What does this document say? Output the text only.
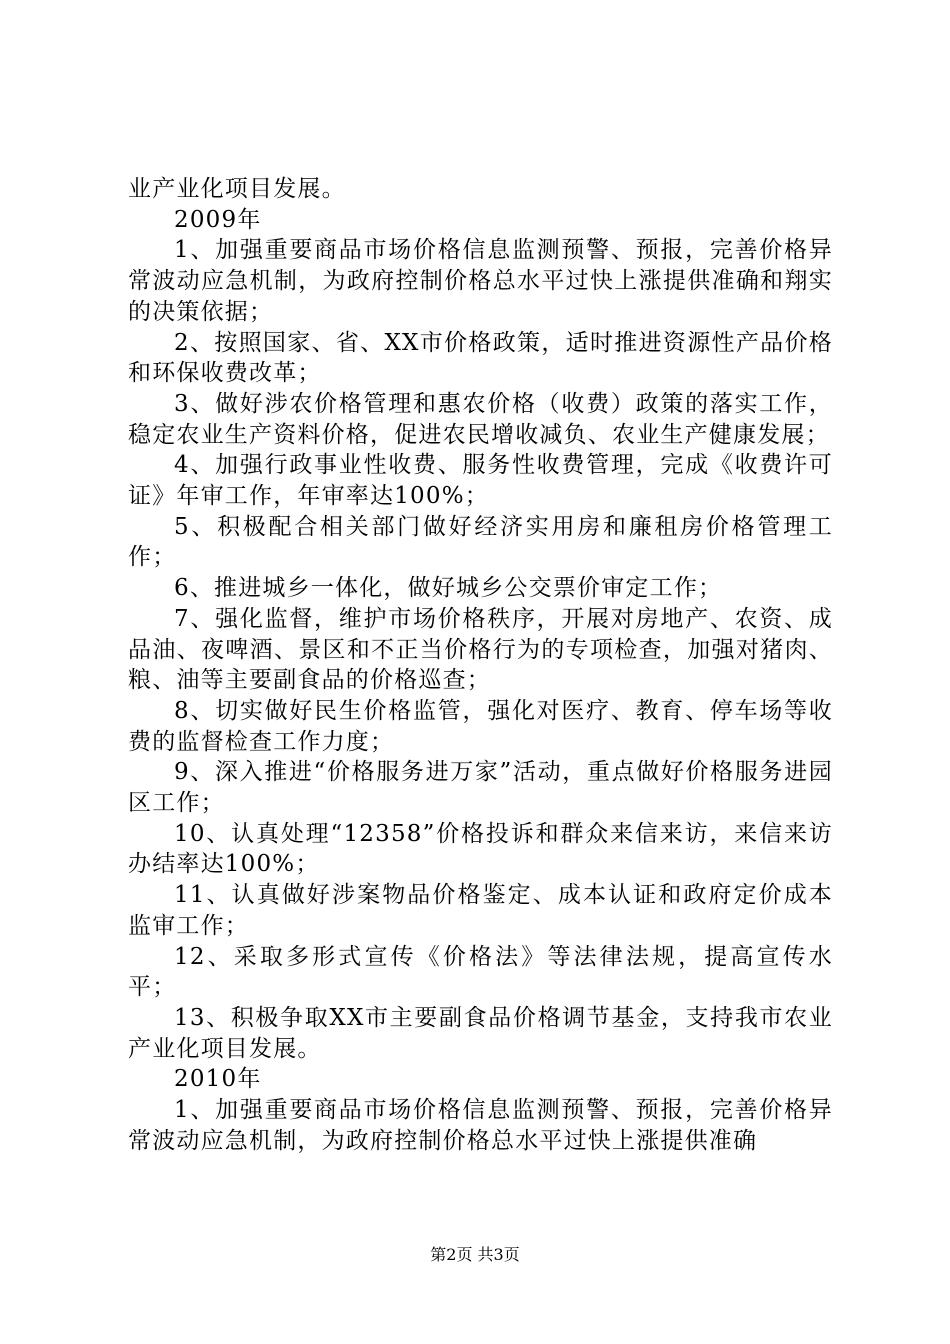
业产业化项目发展。

2009年

1、加强重要商品市场价格信息监测预警、预报，完善价格异常波动应急机制，为政府控制价格总水平过快上涨提供准确和翔实的决策依据；

2、按照国家、省、XX市价格政策，适时推进资源性产品价格和环保收费改革；

3、做好涉农价格管理和惠农价格（收费）政策的落实工作，稳定农业生产资料价格，促进农民增收减负、农业生产健康发展；

4、加强行政事业性收费、服务性收费管理，完成《收费许可证》年审工作，年审率达100%；

5、积极配合相关部门做好经济实用房和廉租房价格管理工作；

6、推进城乡一体化，做好城乡公交票价审定工作；

7、强化监督，维护市场价格秩序，开展对房地产、农资、成品油、夜啤酒、景区和不正当价格行为的专项检查，加强对猪肉、粮、油等主要副食品的价格巡查；

8、切实做好民生价格监管，强化对医疗、教育、停车场等收费的监督检查工作力度；

9、深入推进“价格服务进万家”活动，重点做好价格服务进园区工作；

10、认真处理“12358”价格投诉和群众来信来访，来信来访办结率达100%；

11、认真做好涉案物品价格鉴定、成本认证和政府定价成本监审工作；

12、采取多形式宣传《价格法》等法律法规，提高宣传水平；

13、积极争取XX市主要副食品价格调节基金，支持我市农业产业化项目发展。

2010年

1、加强重要商品市场价格信息监测预警、预报，完善价格异常波动应急机制，为政府控制价格总水平过快上涨提供准确

第2页 共3页
